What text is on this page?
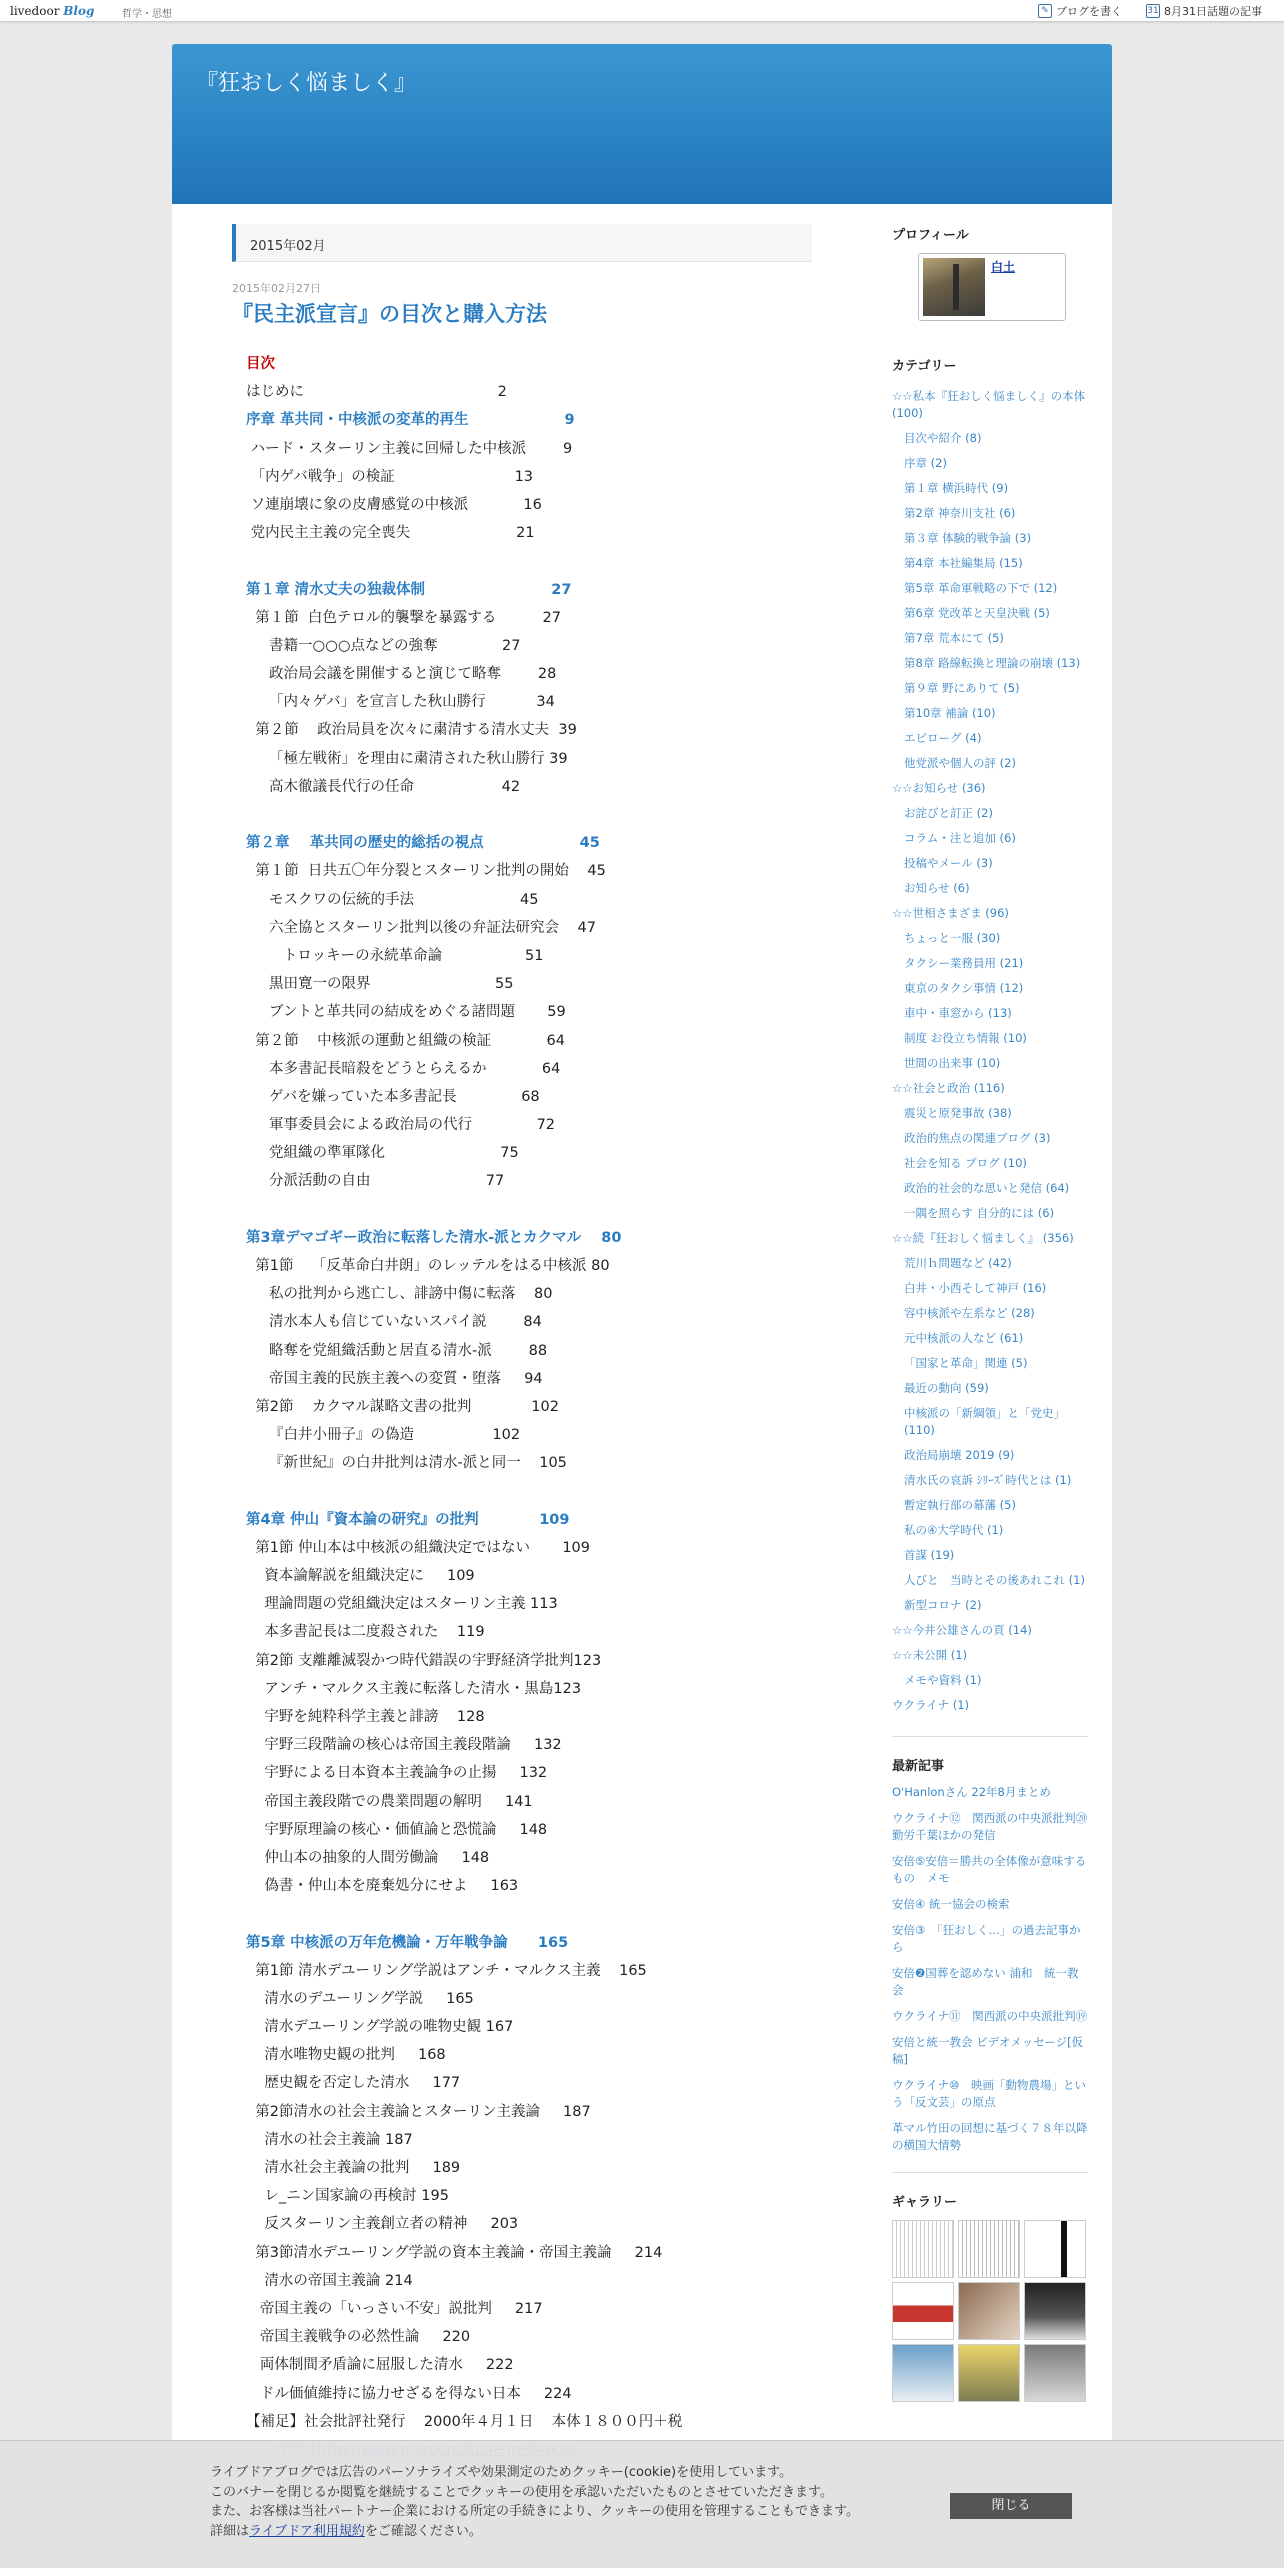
livedoor Blog	哲学・思想	✎ ブログを書く	31 8月31日話題の記事
『狂おしく悩ましく』
2015年02月
2015年02月27日
『民主派宣言』の目次と購入方法
目次
はじめに                                          2
序章 革共同・中核派の変革的再生                   9
ハード・スターリン主義に回帰した中核派        9
「内ゲバ戦争」の検証                          13
ソ連崩壊に象の皮膚感覚の中核派            16
党内民主主義の完全喪失                       21
第１章 清水丈夫の独裁体制                         27
第１節  白色テロル的襲撃を暴露する          27
書籍一○○○点などの強奪              27
政治局会議を開催すると演じて略奪        28
「内々ゲバ」を宣言した秋山勝行           34
第２節    政治局員を次々に粛清する清水丈夫  39
「極左戦術」を理由に粛清された秋山勝行 39
高木徹議長代行の任命                   42
第２章    革共同の歴史的総括の視点                   45
第１節  日共五〇年分裂とスターリン批判の開始    45
モスクワの伝統的手法                       45
六全協とスターリン批判以後の弁証法研究会    47
トロッキーの永続革命論                  51
黒田寛一の限界                           55
ブントと革共同の結成をめぐる諸問題       59
第２節    中核派の運動と組織の検証            64
本多書記長暗殺をどうとらえるか            64
ゲバを嫌っていた本多書記長              68
軍事委員会による政治局の代行              72
党組織の準軍隊化                         75
分派活動の自由                         77
第3章デマゴギー政治に転落した清水-派とカクマル    80
第1節    「反革命白井朗」のレッテルをはる中核派 80
私の批判から逃亡し、誹謗中傷に転落    80
清水本人も信じていないスパイ説        84
略奪を党組織活動と居直る清水-派        88
帝国主義的民族主義への変質・堕落     94
第2節    カクマル謀略文書の批判             102
『白井小冊子』の偽造                 102
『新世紀』の白井批判は清水-派と同一    105
第4章 仲山『資本論の研究』の批判            109
第1節 仲山本は中核派の組織決定ではない       109
資本論解説を組織決定に     109
理論問題の党組織決定はスターリン主義 113
本多書記長は二度殺された    119
第2節 支離離滅裂かつ時代錯誤の宇野経済学批判123
アンチ・マルクス主義に転落した清水・黒島123
宇野を純粋科学主義と誹謗    128
宇野三段階論の核心は帝国主義段階論     132
宇野による日本資本主義論争の止揚     132
帝国主義段階での農業問題の解明     141
宇野原理論の核心・価値論と恐慌論     148
仲山本の抽象的人間労働論     148
偽書・仲山本を廃棄処分にせよ     163
第5章 中核派の万年危機論・万年戦争論      165
第1節 清水デユーリング学説はアンチ・マルクス主義    165
清水のデユーリング学説     165
清水デユーリング学説の唯物史観 167
清水唯物史観の批判     168
歴史観を否定した清水     177
第2節清水の社会主義論とスターリン主義論     187
清水の社会主義論 187
清水社会主義論の批判     189
レ_ニン国家論の再検討 195
反スターリン主義創立者の精神     203
第3節清水デユーリング学説の資本主義論・帝国主義論     214
清水の帝国主義論 214
帝国主義の「いっさい不安」説批判     217
帝国主義戦争の必然性論     220
両体制間矛盾論に屈服した清水     222
ドル価値維持に協力せざるを得ない日本     224
【補足】社会批評社発行    2000年４月１日    本体１８００円＋税
プロフィール
白土
カテゴリー
☆☆私本『狂おしく悩ましく』の本体 (100)
目次や紹介 (8)
序章 (2)
第１章 横浜時代 (9)
第2章 神奈川支社 (6)
第３章 体験的戦争論 (3)
第4章 本社編集局 (15)
第5章 革命軍戦略の下で (12)
第6章 党改革と天皇決戦 (5)
第7章 荒本にて (5)
第8章 路線転換と理論の崩壊 (13)
第９章 野にありて (5)
第10章 補論 (10)
エピローグ (4)
他党派や個人の評 (2)
☆☆お知らせ (36)
お詫びと訂正 (2)
コラム・注と追加 (6)
投稿やメール (3)
お知らせ (6)
☆☆世相さまざま (96)
ちょっと一服 (30)
タクシー業務員用 (21)
東京のタクシ事情 (12)
車中・車窓から (13)
制度 お役立ち情報 (10)
世間の出来事 (10)
☆☆社会と政治 (116)
震災と原発事故 (38)
政治的焦点の関連ブログ (3)
社会を知る ブログ (10)
政治的社会的な思いと発信 (64)
一隅を照らす 自分的には (6)
☆☆続『狂おしく悩ましく』 (356)
荒川ｈ問題など (42)
白井・小西そして神戸 (16)
容中核派や左系など (28)
元中核派の人など (61)
「国家と革命」関連 (5)
最近の動向 (59)
中核派の「新綱領」と「党史」(110)
政治局崩壊 2019 (9)
清水氏の哀訴 ｼﾘｰｽﾞ時代とは (1)
暫定執行部の幕藩 (5)
私の④大学時代 (1)
首謀 (19)
人びと　当時とその後あれこれ (1)
新型コロナ (2)
☆☆今井公雄さんの頁 (14)
☆☆未公開 (1)
メモや資料 (1)
ウクライナ (1)
最新記事
O'Hanlonさん 22年8月まとめ
ウクライナ⑫　関西派の中央派批判⑳　勤労千葉ほかの発信
安倍⑤安倍＝勝共の全体像が意味するもの　メモ
安倍④ 統一協会の検索
安倍③　「狂おしく…」の過去記事から
安倍❷国葬を認めない 浦和　統一教会
ウクライナ⑪　関西派の中央派批判⑲
安倍と統一教会 ビデオメッセージ[仮稿]
ウクライナ⑩　映画「動物農場」という「反文芸」の原点
革マル竹田の回想に基づく７８年以降の横国大情勢
ギャラリー
ライブドアブログでは広告のパーソナライズや効果測定のためクッキー(cookie)を使用しています。
このバナーを閉じるか閲覧を継続することでクッキーの使用を承認いただいたものとさせていただきます。
また、お客様は当社パートナー企業における所定の手続きにより、クッキーの使用を管理することもできます。
詳細はライブドア利用規約をご確認ください。
閉じる
